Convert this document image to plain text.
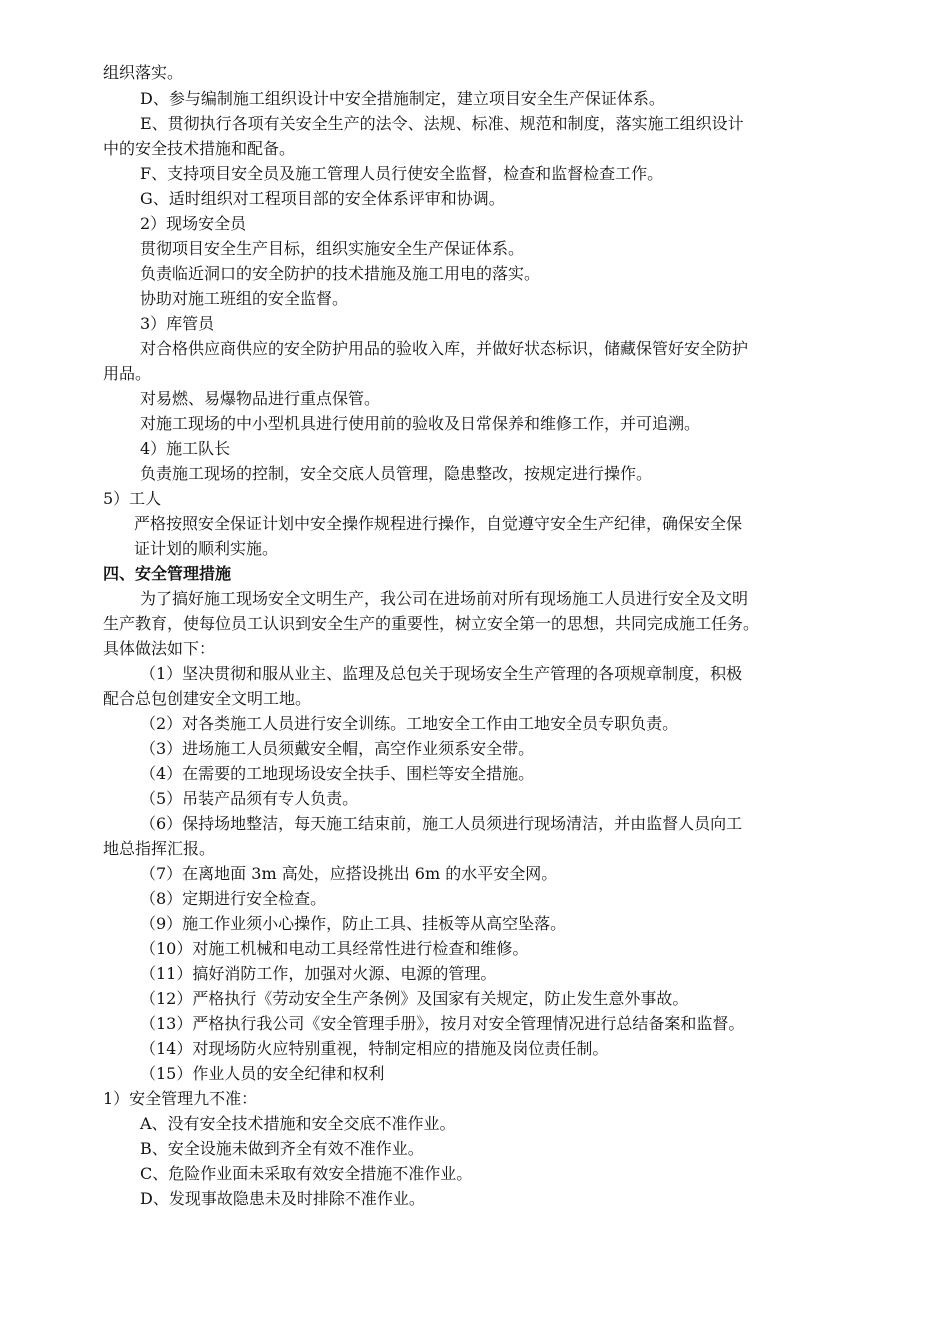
组织落实。
D、参与编制施工组织设计中安全措施制定，建立项目安全生产保证体系。
E、贯彻执行各项有关安全生产的法令、法规、标准、规范和制度，落实施工组织设计
中的安全技术措施和配备。
F、支持项目安全员及施工管理人员行使安全监督，检查和监督检查工作。
G、适时组织对工程项目部的安全体系评审和协调。
2）现场安全员
贯彻项目安全生产目标，组织实施安全生产保证体系。
负责临近洞口的安全防护的技术措施及施工用电的落实。
协助对施工班组的安全监督。
3）库管员
对合格供应商供应的安全防护用品的验收入库，并做好状态标识，储藏保管好安全防护
用品。
对易燃、易爆物品进行重点保管。
对施工现场的中小型机具进行使用前的验收及日常保养和维修工作，并可追溯。
4）施工队长
负责施工现场的控制，安全交底人员管理，隐患整改，按规定进行操作。
5）工人
严格按照安全保证计划中安全操作规程进行操作，自觉遵守安全生产纪律，确保安全保
证计划的顺利实施。
四、安全管理措施
为了搞好施工现场安全文明生产，我公司在进场前对所有现场施工人员进行安全及文明
生产教育，使每位员工认识到安全生产的重要性，树立安全第一的思想，共同完成施工任务。
具体做法如下：
（1）坚决贯彻和服从业主、监理及总包关于现场安全生产管理的各项规章制度，积极
配合总包创建安全文明工地。
（2）对各类施工人员进行安全训练。工地安全工作由工地安全员专职负责。
（3）进场施工人员须戴安全帽，高空作业须系安全带。
（4）在需要的工地现场设安全扶手、围栏等安全措施。
（5）吊装产品须有专人负责。
（6）保持场地整洁，每天施工结束前，施工人员须进行现场清洁，并由监督人员向工
地总指挥汇报。
（7）在离地面 3m 高处，应搭设挑出 6m 的水平安全网。
（8）定期进行安全检查。
（9）施工作业须小心操作，防止工具、挂板等从高空坠落。
（10）对施工机械和电动工具经常性进行检查和维修。
（11）搞好消防工作，加强对火源、电源的管理。
（12）严格执行《劳动安全生产条例》及国家有关规定，防止发生意外事故。
（13）严格执行我公司《安全管理手册》，按月对安全管理情况进行总结备案和监督。
（14）对现场防火应特别重视，特制定相应的措施及岗位责任制。
（15）作业人员的安全纪律和权利
1）安全管理九不准：
A、没有安全技术措施和安全交底不准作业。
B、安全设施未做到齐全有效不准作业。
C、危险作业面未采取有效安全措施不准作业。
D、发现事故隐患未及时排除不准作业。
